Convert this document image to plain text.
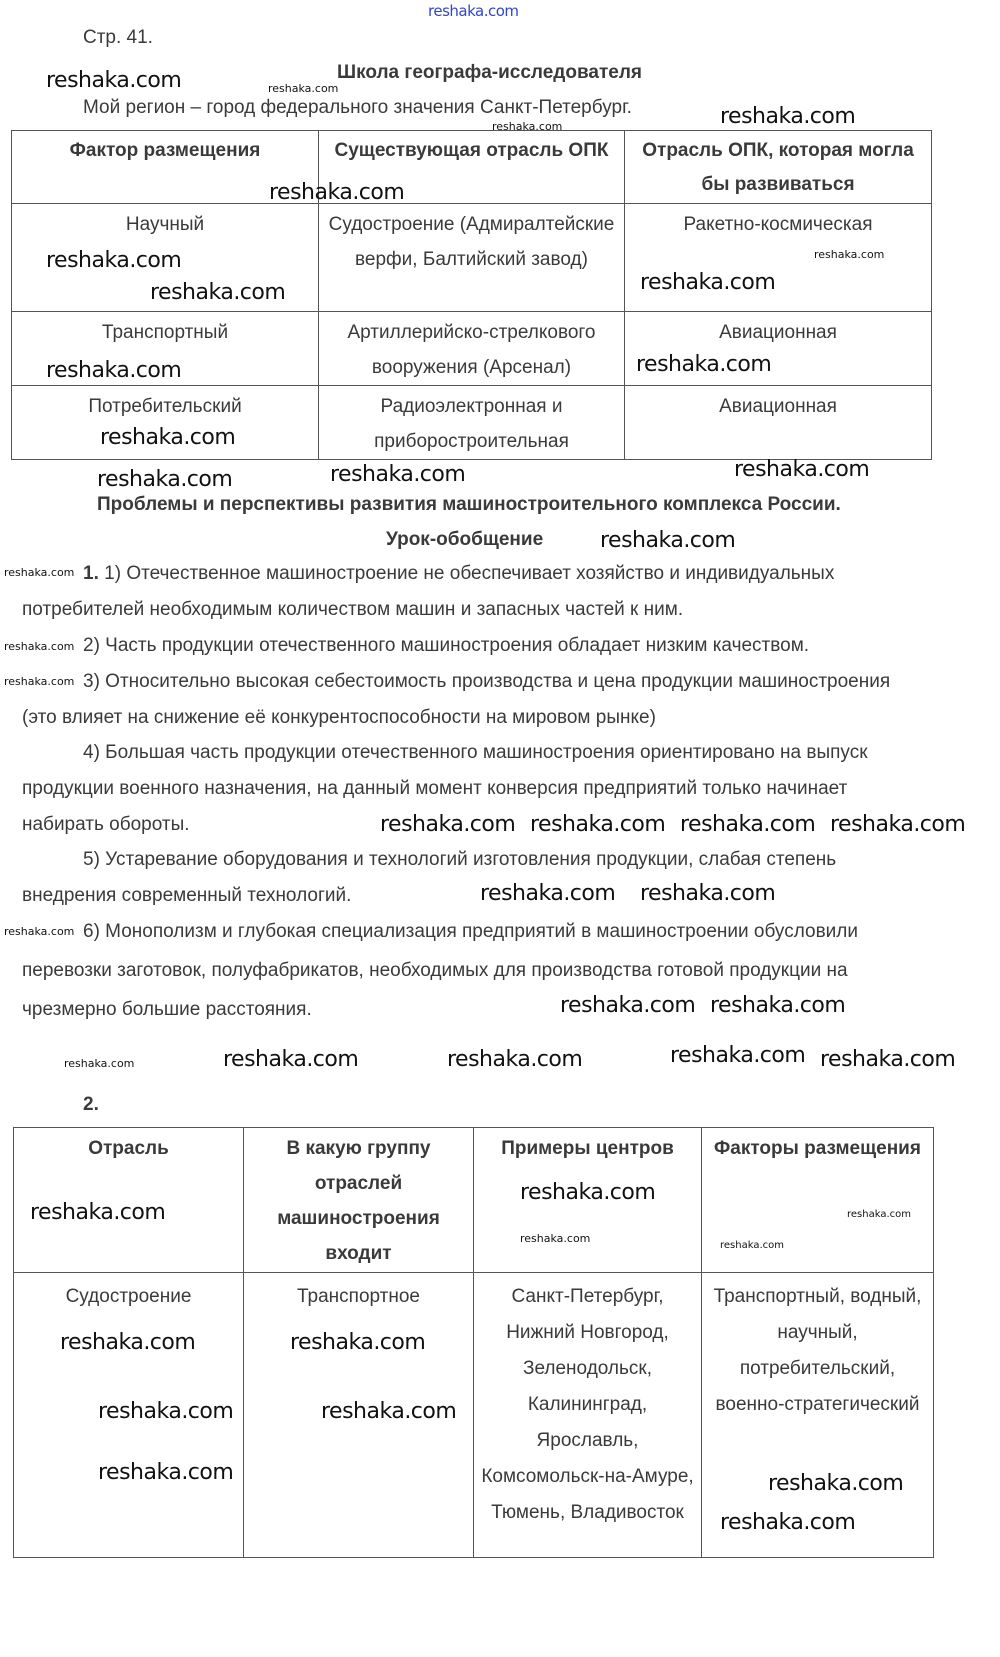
Стр. 41.
Школа географа-исследователя
Мой регион – город федерального значения Санкт-Петербург.
Фактор размещения	Существующая отрасль ОПК	Отрасль ОПК, которая могла бы развиваться
Научный	Судостроение (Адмиралтейские верфи, Балтийский завод)	Ракетно-космическая
Транспортный	Артиллерийско-стрелкового вооружения (Арсенал)	Авиационная
Потребительский	Радиоэлектронная и приборостроительная	Авиационная
Проблемы и перспективы развития машиностроительного комплекса России.
Урок-обобщение

1. 1) Отечественное машиностроение не обеспечивает хозяйство и индивидуальных потребителей необходимым количеством машин и запасных частей к ним.

2) Часть продукции отечественного машиностроения обладает низким качеством.

3) Относительно высокая себестоимость производства и цена продукции машиностроения (это влияет на снижение её конкурентоспособности на мировом рынке)

4) Большая часть продукции отечественного машиностроения ориентировано на выпуск продукции военного назначения, на данный момент конверсия предприятий только начинает набирать обороты.

5) Устаревание оборудования и технологий изготовления продукции, слабая степень внедрения современный технологий.

6) Монополизм и глубокая специализация предприятий в машиностроении обусловили перевозки заготовок, полуфабрикатов, необходимых для производства готовой продукции на чрезмерно большие расстояния.

2.
Отрасль	В какую группу отраслей машиностроения входит	Примеры центров	Факторы размещения
Судостроение	Транспортное	Санкт-Петербург, Нижний Новгород, Зеленодольск, Калининград, Ярославль, Комсомольск-на-Амуре, Тюмень, Владивосток	Транспортный, водный, научный, потребительский, военно-стратегический
reshaka.com
reshaka.com	reshaka.com
reshaka.com	reshaka.com
reshaka.com
reshaka.com
reshaka.com
reshaka.com
reshaka.com
reshaka.com	reshaka.com
reshaka.com
reshaka.com	reshaka.com
reshaka.com
reshaka.com
reshaka.com
reshaka.com
reshaka.com
reshaka.com reshaka.com
reshaka.com
reshaka.com reshaka.com reshaka.com
reshaka.com
reshaka.com reshaka.com
reshaka.com
reshaka.com	reshaka.com	reshaka.com	reshaka.com
reshaka.com
reshaka.com
reshaka.com
reshaka.com
reshaka.com
reshaka.com	reshaka.com
reshaka.com
reshaka.com	reshaka.com
reshaka.com	reshaka.com
